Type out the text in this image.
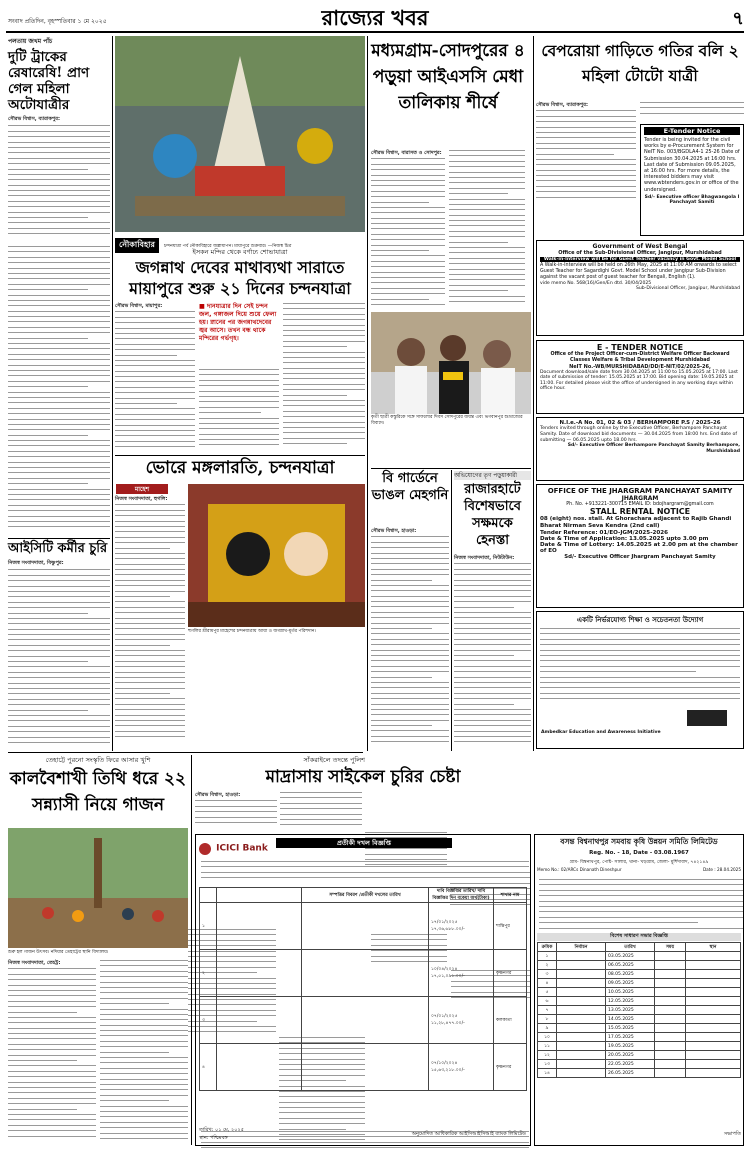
সংবাদ প্রতিদিন, বৃহস্পতিবার ১ মে ২০২৫	রাজ্যের খবর	৭
পলতায় জখম পাঁচ
দুটি ট্রাকের রেষারেষি! প্রাণ গেল মহিলা অটোযাত্রীর
সৌরভ বিশ্বাস, ব্যারাকপুর:
আইসিটি কর্মীর চুরি
নিজস্ব সংবাদদাতা, বিষ্ণুপুর:
নৌকাবিহার চন্দনযাত্রা পর্ব নৌকাবিহারে জল্লাযাপন। মায়াপুরে শুক্রবার। —নিজস্ব চিত্র
ইসকন মন্দির থেকে বর্ণাঢ্য শোভাযাত্রা
জগন্নাথ দেবের মাথাব্যথা সারাতে মায়াপুরে শুরু ২১ দিনের চন্দনযাত্রা
সৌরভ বিশ্বাস, মায়াপুর:	■ দানযাত্রার দিন সেই চন্দন জল, গঙ্গাজল দিয়ে শুয়ে ফেলা হয়। স্নানের পর জগন্নাথদেবের জ্বর আসে। তখন বন্ধ থাকে মন্দিরের গর্ভগৃহ।
ভোরে মঙ্গলারতি, চন্দনযাত্রা
মাহেশ
নিজস্ব সংবাদদাতা, হুগলি:
হুগলির শ্রীরামপুর মাহেশের চন্দনযাত্রায় আয়া ও জগন্নাথ-মূর্তর পরিশদান।
মধ্যমগ্রাম-সোদপুরের ৪ পড়ুয়া আইএসসি মেধা তালিকায় শীর্ষে
সৌরভ বিশ্বাস, বারাসত ও সোদপুর:
কৃতী ছাত্রী কস্তুরিকে সঙ্গে সাফল্যের দিবস সোদপুরের জয়ন্ত এবং ভগবানপুর শুভ্রাজ্যের বিবাদে।
বি গার্ডেনে ভাঙল মেহগনি
সৌরভ বিশ্বাস, হাওড়া:
অভিযোগের তৃণ পড়ুয়াকারী
রাজারহাটে বিশেষভাবে সক্ষমকে হেনস্তা
নিজস্ব সংবাদদাতা, নিউটাউন:
বেপরোয়া গাড়িতে গতির বলি ২ মহিলা টোটো যাত্রী
সৌরভ বিশ্বাস, ব্যারাকপুর:
E-Tender Notice
Tender is being invited for the civil works by e-Procurement System for NeIT No. 003/BGDLA4-1 25-26 Date of Submission 30.04.2025 at 16:00 hrs. Last date of Submission 09.05.2025, at 16:00 hrs. For more details, the interested bidders may visit www.wbtenders.gov.in or office of the undersigned.
Sd/- Executive officer Bhagwangola I Panchayat Samiti
Government of West Bengal
Office of the Sub-Divisional Officer, Jangipur, Murshidabad
Walk-in-Interview will be for Guest Teacher vacancy in Govt. Model School
A Walk-in-Interview will be held on 26th May, 2025 at 11:00 AM onwards to select Guest Teacher for Sagardighi Govt. Model School under Jangipur Sub-Division against the vacant post of guest teacher for Bengali, English (1).
vide memo No. 568(16)/Gen/En dtd. 30/04/2025
Sub-Divisional Officer, Jangipur, Murshidabad
E - TENDER NOTICE
Office of the Project Officer-cum-District Welfare Officer Backward Classes Welfare & Tribal Development Murshidabad
NeIT No.-WB/MURSHIDABAD/DD/E-NIT/02/2025-26,
Document download/sale date from 30.04.2025 at 11:00 to 15.05.2025 at 17:00. Last date of submission of tender: 15.05.2025 at 17:00. Bid opening date: 19.05.2025 at 11:00. For detailed please visit the office of undersigned in any working days within office hour.
N.I.e.-A No. 01, 02 & 03 / BERHAMPORE P.S / 2025-26
Tenders invited through online by the Executive Officer, Berhampore Panchayat Samity. Date of download bid documents — 30.04.2025 from 18:00 hrs. End date of submitting — 06.05.2025 upto 18.00 hrs.
Sd/- Executive Officer Berhampore Panchayat Samity Berhampore, Murshidabad
OFFICE OF THE JHARGRAM PANCHAYAT SAMITY
JHARGRAM
Ph. No. +913221-300715 EMAIL ID: bdojhargram@gmail.com
STALL RENTAL NOTICE
08 (eight) nos. stall. At Ghorachara adjacent to Rajib Ghandi Bharat Nirman Seva Kendra (2nd call)
Tender Reference: 01/EO-JGM/2025-2026
Date & Time of Application: 13.05.2025 upto 3.00 pm
Date & Time of Lottery: 14.05.2025 at 2.00 pm at the chamber of EO
Sd/- Executive Officer Jhargram Panchayat Samity
একটি নির্ভরযোগ্য শিক্ষা ও সচেতনতা উদ্যোগ
Ambedkar Education and Awareness Initiative
তেহাট্টে পুরনো সংস্কৃতি ফিরে আসার খুশি
কালবৈশাখী তিথি ধরে ২২ সন্ন্যাসী নিয়ে গাজন
শুরু হল গাজন উৎসব। নদিয়ার তেহাট্টের স্থানি বিদ্যালয়।
নিজস্ব সংবাদদাতা, তেহট্ট:
সাঁকরাইলে তদন্তে পুলিশ
মাদ্রাসায় সাইকেল চুরির চেষ্টা
সৌরভ বিশ্বাস, হাওড়া:
ICICI Bank
প্রতীকী দখল বিজ্ঞপ্তি
		সম্পত্তির বিবরণ /প্রতীকী দখলের তারিখ	দাবি বিজ্ঞপ্তির তারিখ/ দাবি বিজ্ঞপ্তির দিন বকেয়া অর্থ(টাকা)	শাখার নাম
১			১৭/০১/২০২৫ ১৭,৩৬,৬৮৮.০০/-	শান্তিপুর
২			১০/০৪/২০২৪ ১৭,৫১,০৯১.০০/-	কৃষ্ণনগর
৩			০৭/০১/২০২৫ ১১,২৮,৪৭৭.০০/-	কলকাতা
৪			০৭/১০/২০২৪ ১৫,৬৩,২১৮.০০/-	কৃষ্ণনগর
তারিখ: ০১ মে, ২০২৫
স্থান: পশ্চিমবঙ্গ
অনুমোদিত আধিকারিক আইসিআইসিআই ব্যাংক লিমিটেড
বসন্ত বিশ্বনাথপুর সমবায় কৃষি উন্নয়ন সমিতি লিমিটেড
Reg. No. - 18, Date - 03.08.1967
গ্রাম- বিশ্বনাথপুর, পোষ্ট- সালার, থানা- খড়গ্রাম, জেলা- মুর্শিদাবাদ, ৭৪২১৪৯
Memo No.: 02/ARCs Dinanath Dineshpur	Date : 28.04.2025
বিশেষ সাধারণ সভার বিজ্ঞপ্তি
ক্রমিক	নির্বাচন	তারিখ	সময়	স্থান
১		03.05.2025		
২		06.05.2025		
৩		08.05.2025		
৪		09.05.2025		
৫		10.05.2025		
৬		12.05.2025		
৭		13.05.2025		
৮		14.05.2025		
৯		15.05.2025		
১০		17.05.2025		
১১		19.05.2025		
১২		20.05.2025		
১৩		22.05.2025		
১৪		26.05.2025		
সভাপতি
